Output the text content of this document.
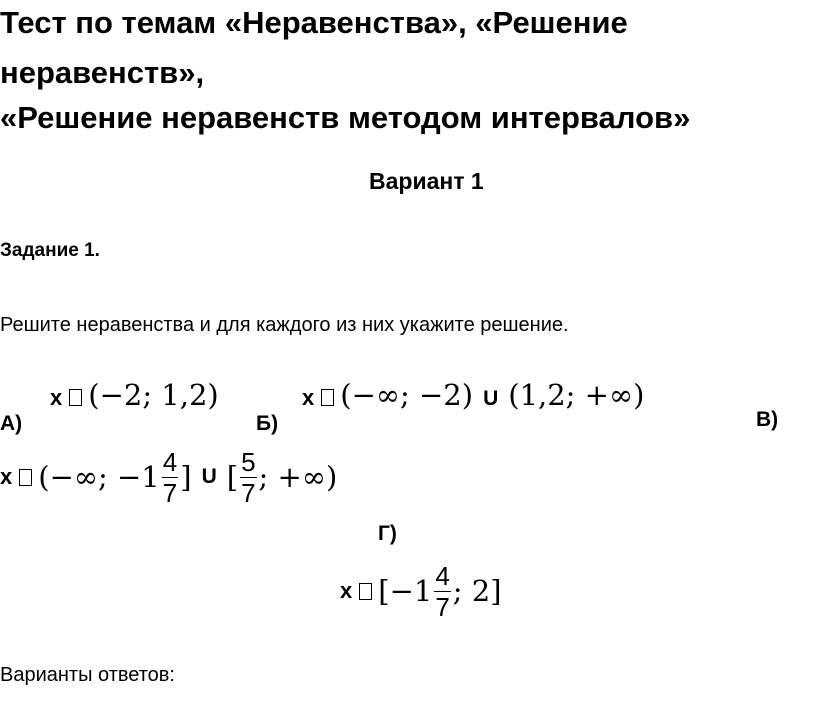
Тест по темам «Неравенства», «Решение
неравенств»,
«Решение неравенств методом интервалов»
Вариант 1
Задание 1.
Решите неравенства и для каждого из них укажите решение.
А)
x (−2; 1,2)
Б)
x (−∞; −2) U (1,2; +∞)
В)
x (−∞; $-1 \frac{4}{7}$ ] U [ $\frac{5}{7}$ ; +∞)
Г)
x [$-1 \frac{4}{7}$ ; 2]
Варианты ответов:
